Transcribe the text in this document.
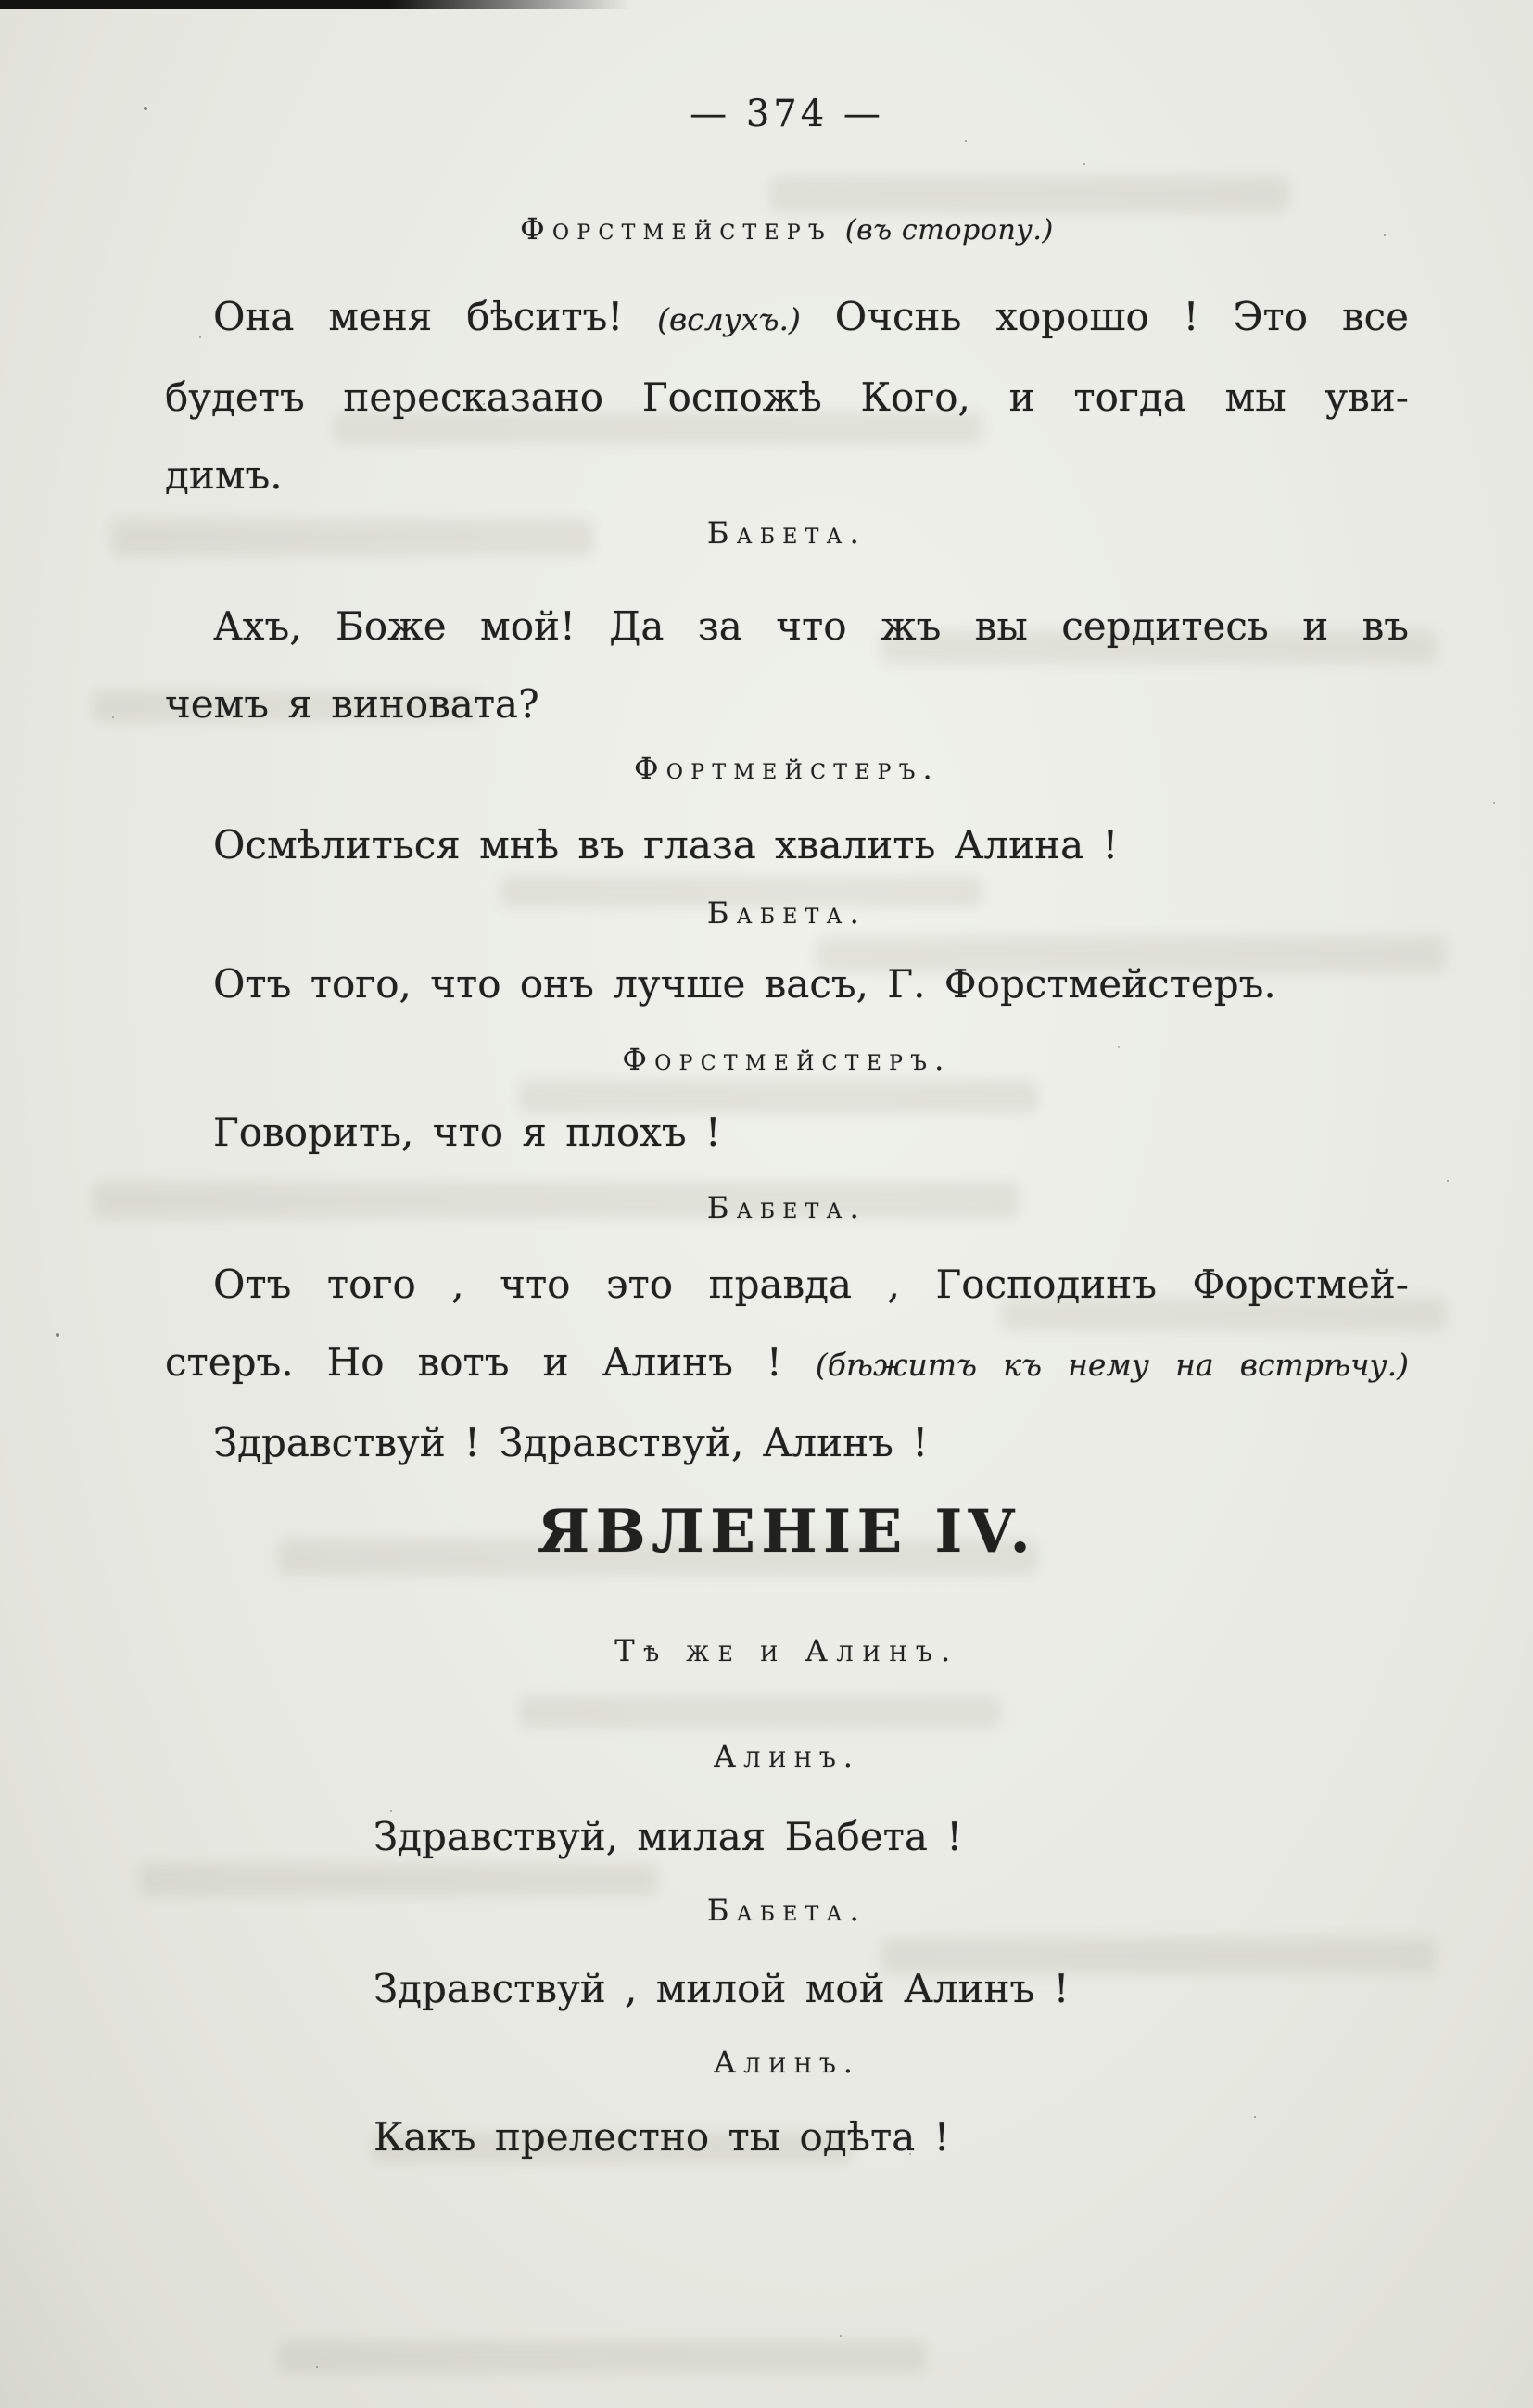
— 374 —
Форстмейстеръ (въ сторопу.)
Она меня бѣситъ! (вслухъ.) Очснь хорошо ! Это все
будетъ пересказано Госпожѣ Кого, и тогда мы уви-
димъ.
Бабета.
Ахъ, Боже мой! Да за что жъ вы сердитесь и въ
чемъ я виновата?
Фортмейстеръ.
Осмѣлиться мнѣ въ глаза хвалить Алина !
Бабета.
Отъ того, что онъ лучше васъ, Г. Форстмейстеръ.
Форстмейстеръ.
Говорить, что я плохъ !
Бабета.
Отъ того , что это правда , Господинъ Форстмей-
стеръ. Но вотъ и Алинъ ! (бѣжитъ къ нему на встрѣчу.)
Здравствуй ! Здравствуй, Алинъ !
ЯВЛЕНІЕ IV.
Тѣ же и Алинъ.
Алинъ.
Здравствуй, милая Бабета !
Бабета.
Здравствуй , милой мой Алинъ !
Алинъ.
Какъ прелестно ты одѣта !
